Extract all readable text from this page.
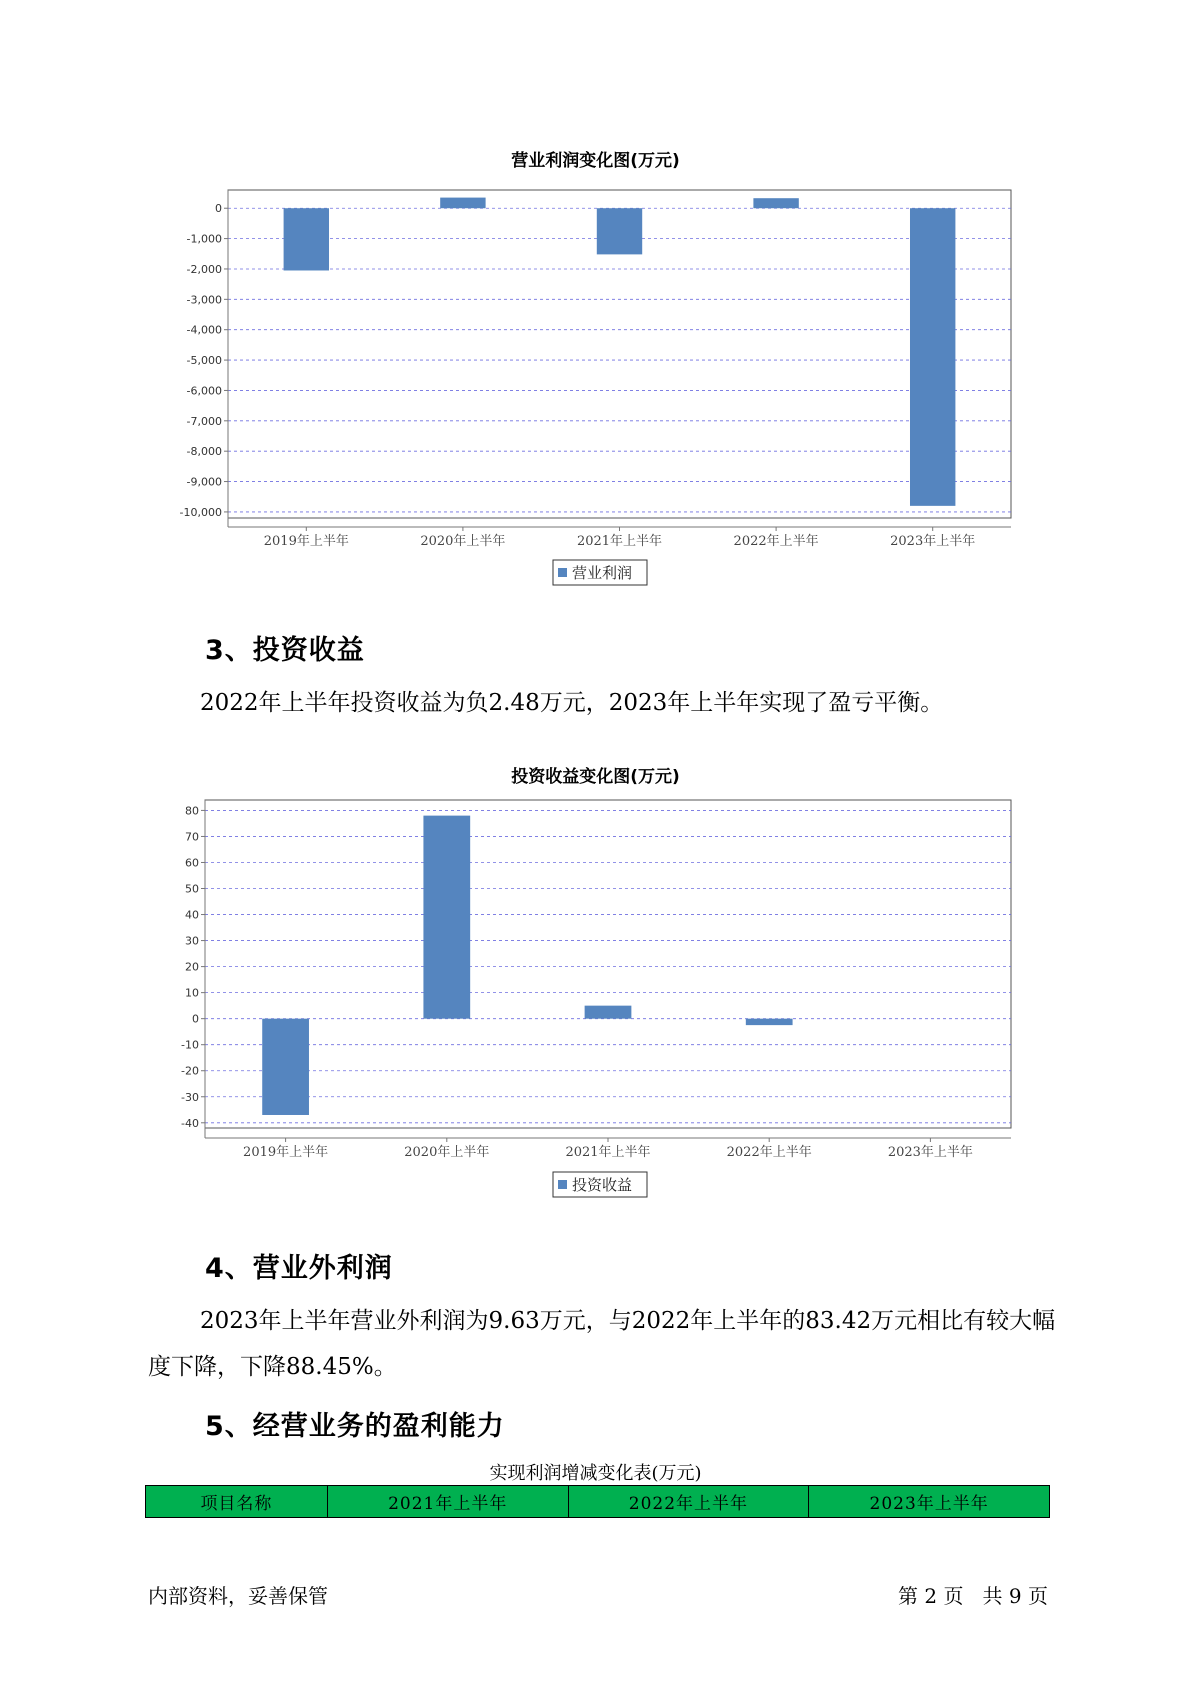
营业利润变化图(万元)
0
-1,000
-2,000
-3,000
-4,000
-5,000
-6,000
-7,000
-8,000
-9,000
-10,000
2019年上半年	2020年上半年	2021年上半年	2022年上半年	2023年上半年
营业利润
3、投资收益

2022年上半年投资收益为负2.48万元，2023年上半年实现了盈亏平衡。

投资收益变化图(万元)
80
70
60
50
40
30
20
10
0
-10
-20
-30
-40
2019年上半年	2020年上半年	2021年上半年	2022年上半年	2023年上半年
投资收益
4、营业外利润

2023年上半年营业外利润为9.63万元，与2022年上半年的83.42万元相比有较大幅度下降，下降88.45%。

5、经营业务的盈利能力
实现利润增减变化表(万元)
项目名称	2021年上半年	2022年上半年	2023年上半年
内部资料，妥善保管	第 2 页   共 9 页
